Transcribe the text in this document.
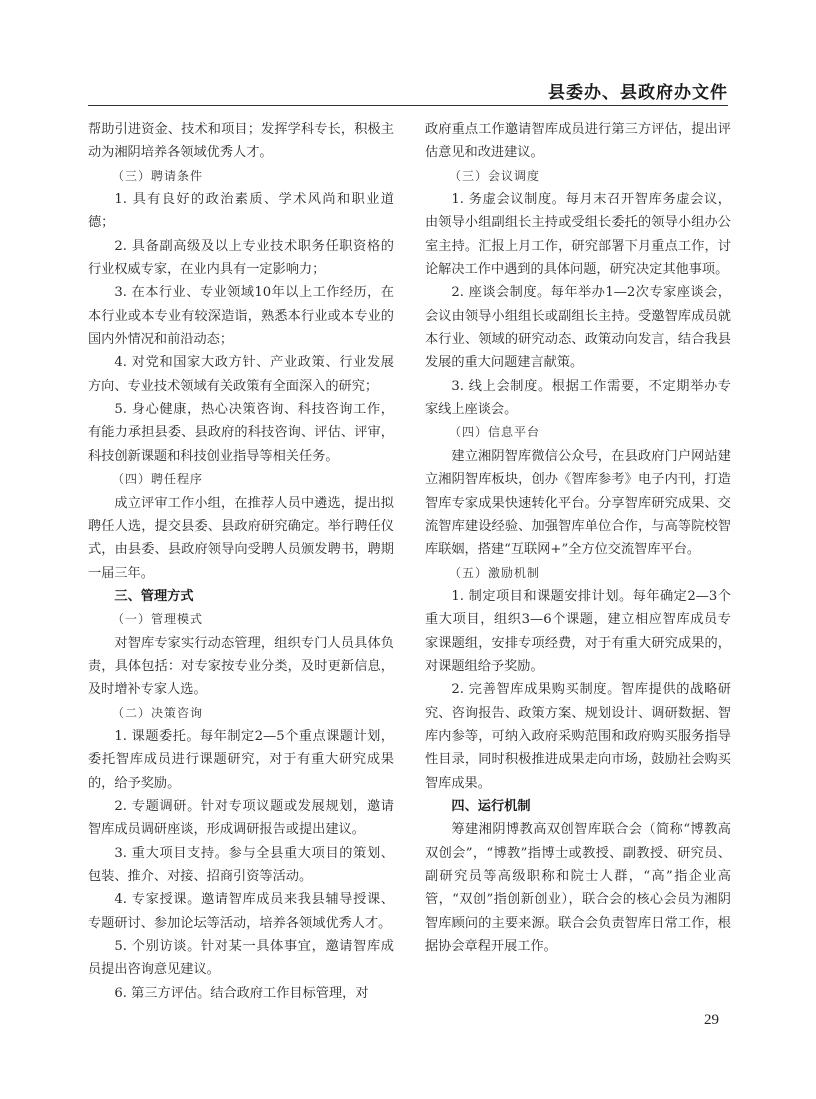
县委办、县政府办文件

帮助引进资金、技术和项目；发挥学科专长，积极主动为湘阴培养各领域优秀人才。

（三）聘请条件

1. 具有良好的政治素质、学术风尚和职业道德；

2. 具备副高级及以上专业技术职务任职资格的行业权威专家，在业内具有一定影响力；

3. 在本行业、专业领域10年以上工作经历，在本行业或本专业有较深造诣，熟悉本行业或本专业的国内外情况和前沿动态；

4. 对党和国家大政方针、产业政策、行业发展方向、专业技术领域有关政策有全面深入的研究；

5. 身心健康，热心决策咨询、科技咨询工作，有能力承担县委、县政府的科技咨询、评估、评审，科技创新课题和科技创业指导等相关任务。

（四）聘任程序

成立评审工作小组，在推荐人员中遴选，提出拟聘任人选，提交县委、县政府研究确定。举行聘任仪式，由县委、县政府领导向受聘人员颁发聘书，聘期一届三年。

三、管理方式

（一）管理模式

对智库专家实行动态管理，组织专门人员具体负责，具体包括：对专家按专业分类，及时更新信息，及时增补专家人选。

（二）决策咨询

1. 课题委托。每年制定2—5个重点课题计划，委托智库成员进行课题研究，对于有重大研究成果的，给予奖励。

2. 专题调研。针对专项议题或发展规划，邀请智库成员调研座谈，形成调研报告或提出建议。

3. 重大项目支持。参与全县重大项目的策划、包装、推介、对接、招商引资等活动。

4. 专家授课。邀请智库成员来我县辅导授课、专题研讨、参加论坛等活动，培养各领域优秀人才。

5. 个别访谈。针对某一具体事宜，邀请智库成员提出咨询意见建议。

6. 第三方评估。结合政府工作目标管理，对

政府重点工作邀请智库成员进行第三方评估，提出评估意见和改进建议。

（三）会议调度

1. 务虚会议制度。每月末召开智库务虚会议，由领导小组副组长主持或受组长委托的领导小组办公室主持。汇报上月工作，研究部署下月重点工作，讨论解决工作中遇到的具体问题，研究决定其他事项。

2. 座谈会制度。每年举办1—2次专家座谈会，会议由领导小组组长或副组长主持。受邀智库成员就本行业、领域的研究动态、政策动向发言，结合我县发展的重大问题建言献策。

3. 线上会制度。根据工作需要，不定期举办专家线上座谈会。

（四）信息平台

建立湘阴智库微信公众号，在县政府门户网站建立湘阴智库板块，创办《智库参考》电子内刊，打造智库专家成果快速转化平台。分享智库研究成果、交流智库建设经验、加强智库单位合作，与高等院校智库联姻，搭建“互联网+”全方位交流智库平台。

（五）激励机制

1. 制定项目和课题安排计划。每年确定2—3个重大项目，组织3—6个课题，建立相应智库成员专家课题组，安排专项经费，对于有重大研究成果的，对课题组给予奖励。

2. 完善智库成果购买制度。智库提供的战略研究、咨询报告、政策方案、规划设计、调研数据、智库内参等，可纳入政府采购范围和政府购买服务指导性目录，同时积极推进成果走向市场，鼓励社会购买智库成果。

四、运行机制

筹建湘阴博教高双创智库联合会（简称“博教高双创会”，“博教”指博士或教授、副教授、研究员、副研究员等高级职称和院士人群，“高”指企业高管，“双创”指创新创业），联合会的核心会员为湘阴智库顾问的主要来源。联合会负责智库日常工作，根据协会章程开展工作。

29
